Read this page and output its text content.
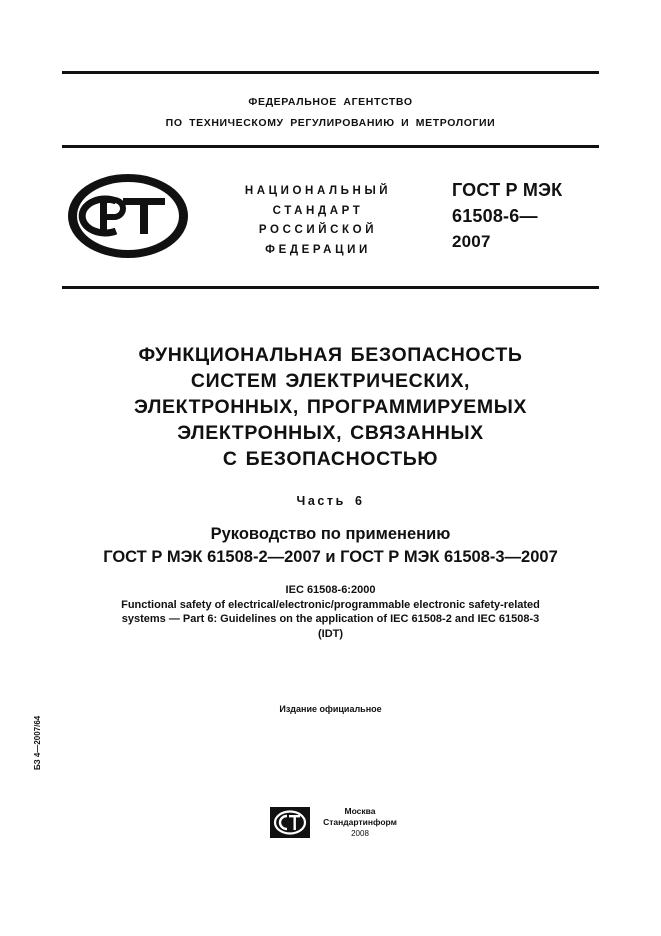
ФЕДЕРАЛЬНОЕ АГЕНТСТВО
ПО ТЕХНИЧЕСКОМУ РЕГУЛИРОВАНИЮ И МЕТРОЛОГИИ
НАЦИОНАЛЬНЫЙ
СТАНДАРТ
РОССИЙСКОЙ
ФЕДЕРАЦИИ
ГОСТ Р МЭК
61508-6—
2007
ФУНКЦИОНАЛЬНАЯ БЕЗОПАСНОСТЬ
СИСТЕМ ЭЛЕКТРИЧЕСКИХ,
ЭЛЕКТРОННЫХ, ПРОГРАММИРУЕМЫХ
ЭЛЕКТРОННЫХ, СВЯЗАННЫХ
С БЕЗОПАСНОСТЬЮ
Часть 6
Руководство по применению
ГОСТ Р МЭК 61508-2—2007 и ГОСТ Р МЭК 61508-3—2007
IEC 61508-6:2000
Functional safety of electrical/electronic/programmable electronic safety-related
systems — Part 6: Guidelines on the application of IEC 61508-2 and IEC 61508-3
(IDT)
Издание официальное
БЗ 4—2007/64
Москва
Стандартинформ
2008
